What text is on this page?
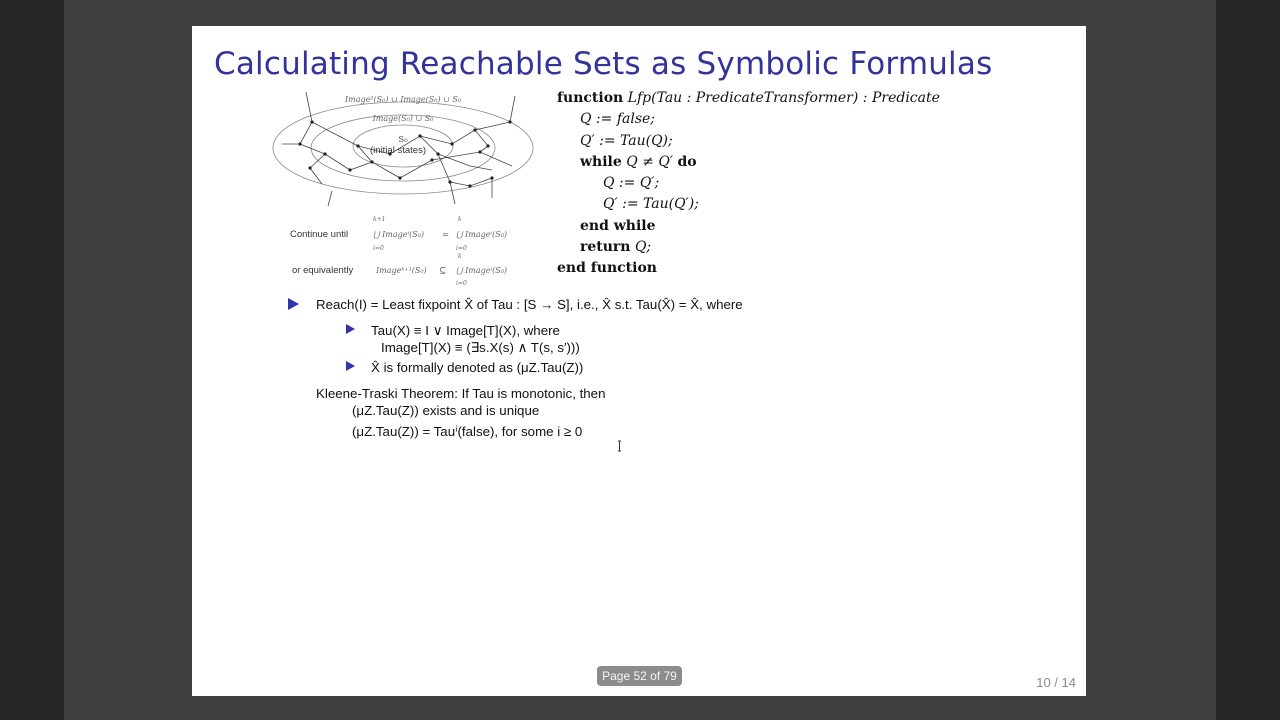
Calculating Reachable Sets as Symbolic Formulas
Image²(S₀) ∪ Image(S₀) ∪ S₀
Image(S₀) ∪ S₀
S₀
(initial states)
Continue until
k+1
⋃ Imageⁱ(S₀)
i=0
=
k
⋃ Imageⁱ(S₀)
i=0
or equivalently	Imageᵏ⁺¹(S₀) ⊆
k
⋃ Imageⁱ(S₀)
i=0
function Lfp(Tau : PredicateTransformer) : Predicate
Q := false;
Q′ := Tau(Q);
while Q ≠ Q′ do
Q := Q′;
Q′ := Tau(Q′);
end while
return Q;
end function
Reach(I) = Least fixpoint X̂ of Tau : [S → S], i.e., X̂ s.t. Tau(X̂) = X̂, where
Tau(X) ≡ I ∨ Image[T](X), where
Image[T](X) ≡ (∃s.X(s) ∧ T(s, s′)))
X̂ is formally denoted as (μZ.Tau(Z))
Kleene-Traski Theorem: If Tau is monotonic, then
(μZ.Tau(Z)) exists and is unique
(μZ.Tau(Z)) = Tauⁱ(false), for some i ≥ 0
Page 52 of 79	10 / 14
